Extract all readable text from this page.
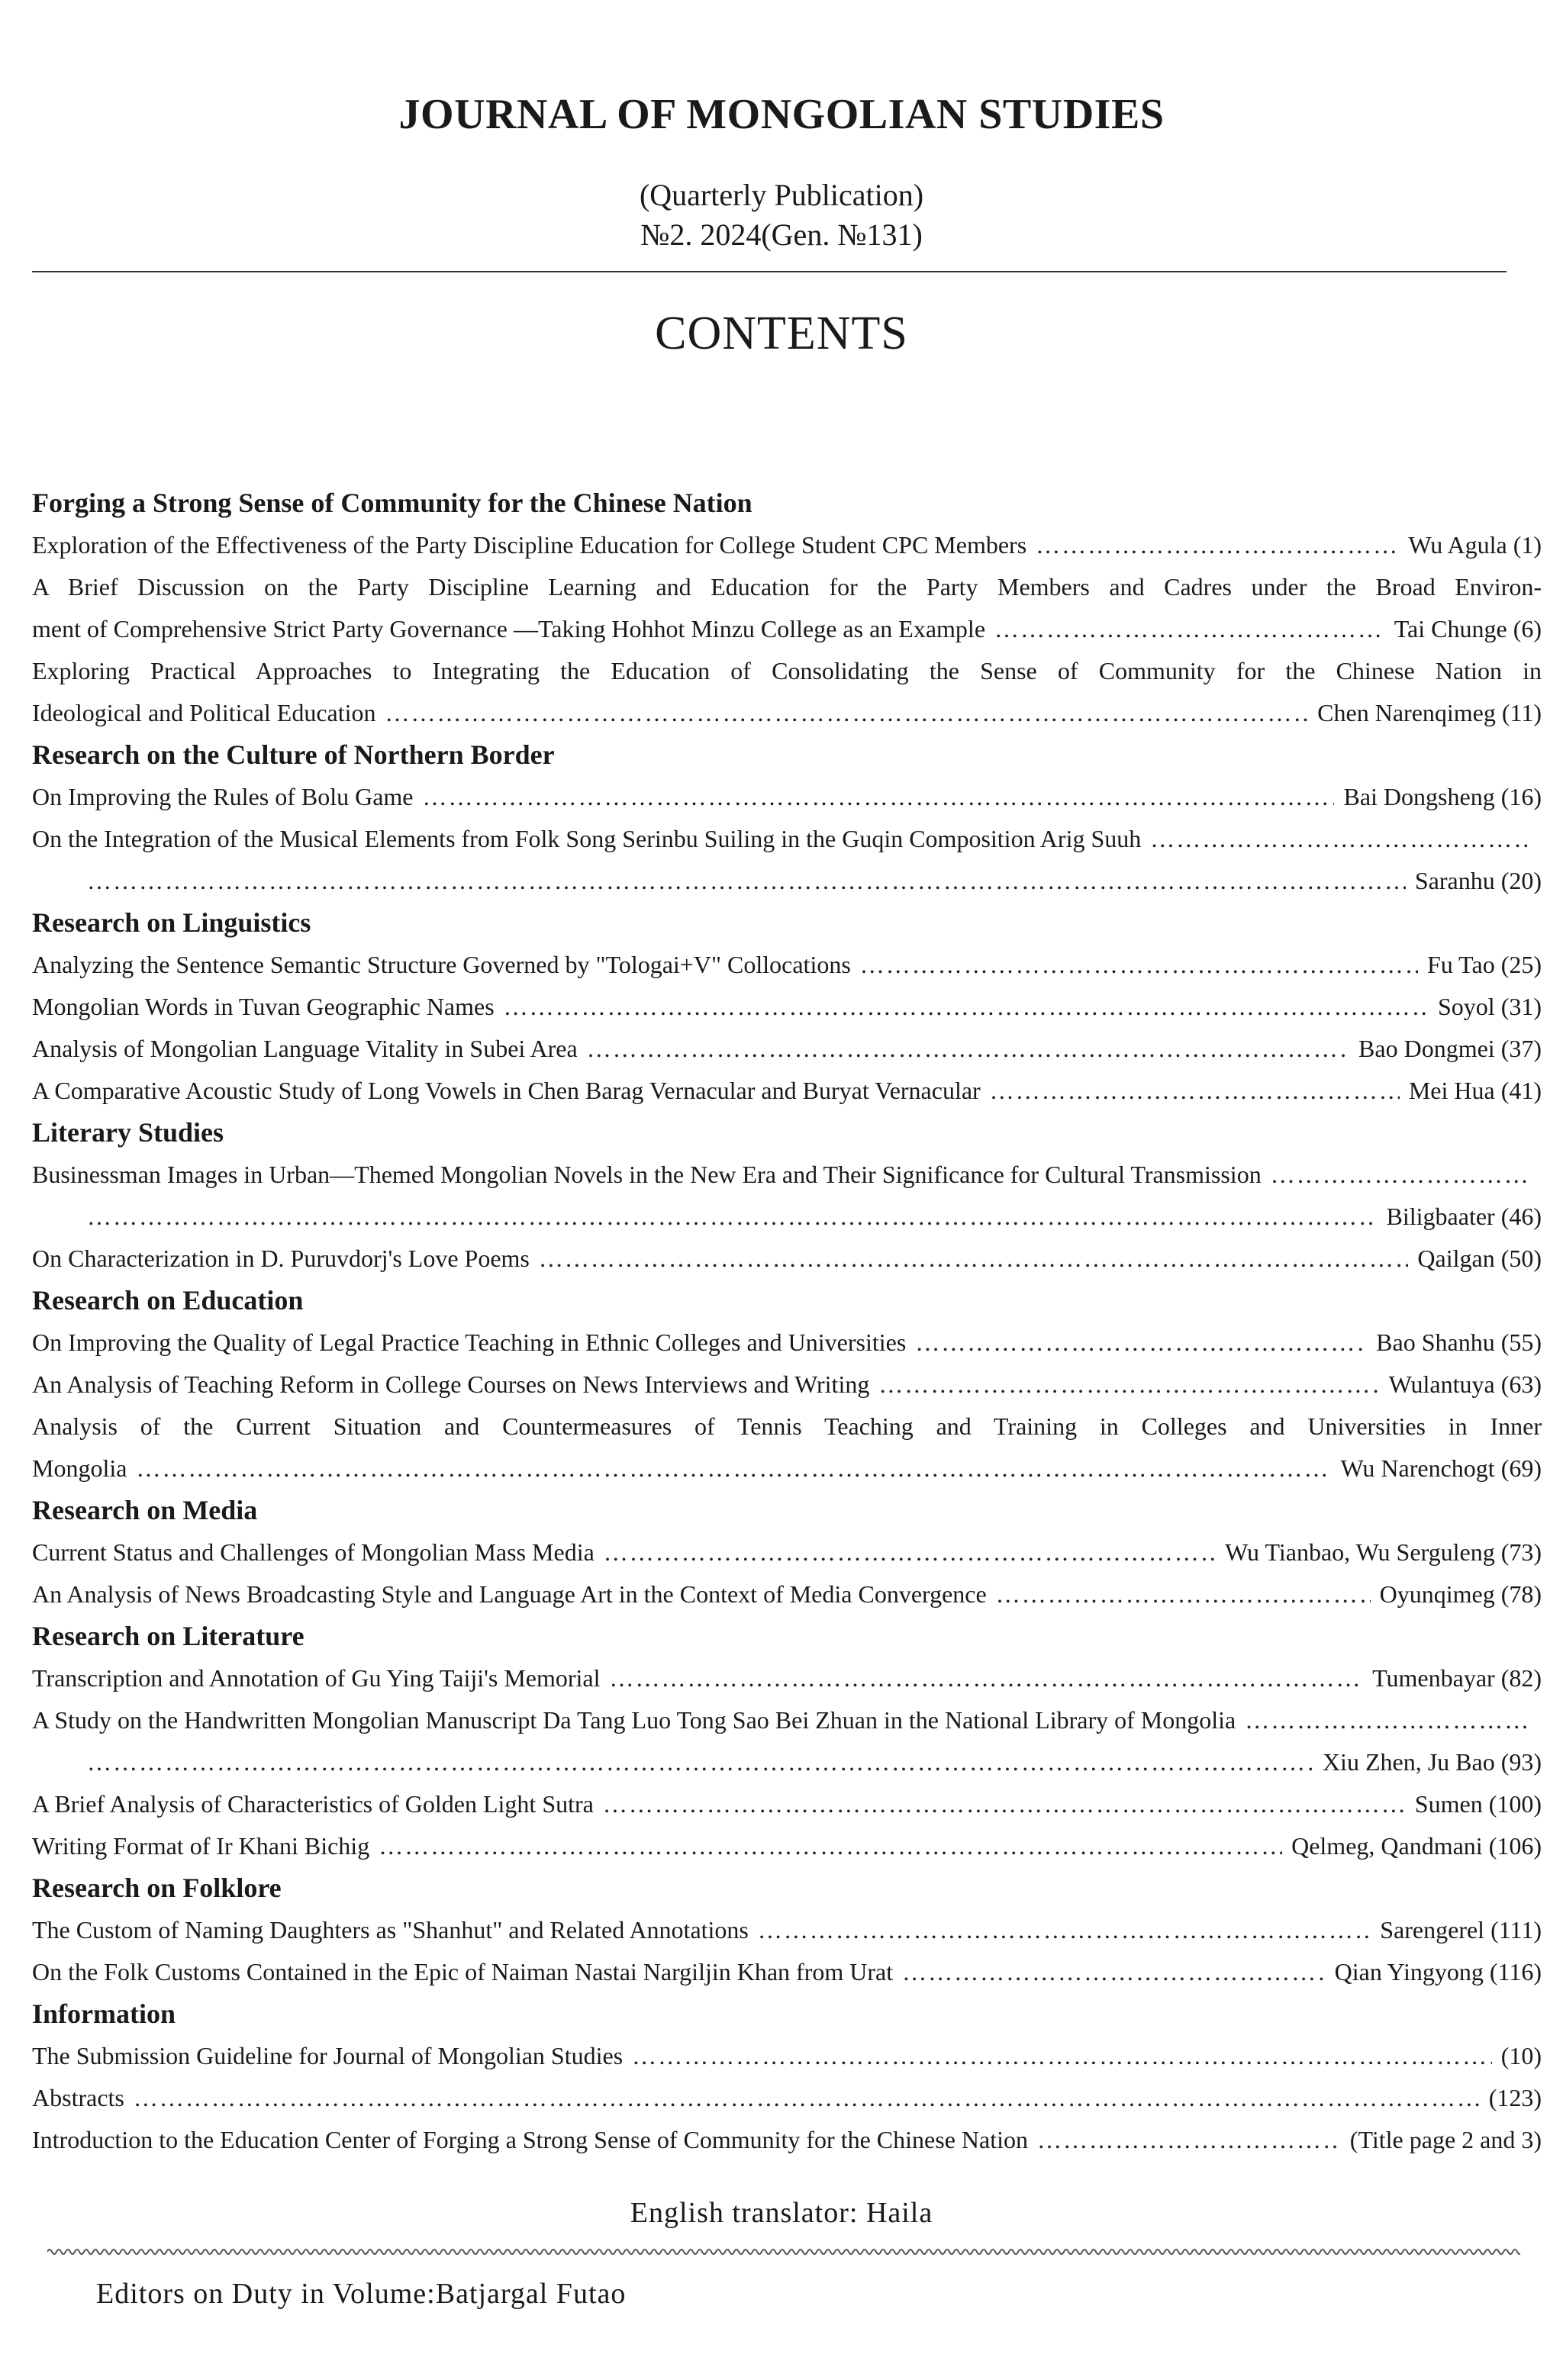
JOURNAL OF MONGOLIAN STUDIES
(Quarterly Publication)
№2. 2024(Gen. №131)
CONTENTS
Forging a Strong Sense of Community for the Chinese Nation
Exploration of the Effectiveness of the Party Discipline Education for College Student CPC Members ……………………………………………………………………………………………………………………………………………………………………………………………………………………………………………………………………………………	Wu Agula (1)
A Brief Discussion on the Party Discipline Learning and Education for the Party Members and Cadres under the Broad Environ-
ment of Comprehensive Strict Party Governance —Taking Hohhot Minzu College as an Example ……………………………………………………………………………………………………………………………………………………………………………………………………………………………………………………………………………………	Tai Chunge (6)
Exploring Practical Approaches to Integrating the Education of Consolidating the Sense of Community for the Chinese Nation in
Ideological and Political Education ……………………………………………………………………………………………………………………………………………………………………………………………………………………………………………………………………………………	Chen Narenqimeg (11)
Research on the Culture of Northern Border
On Improving the Rules of Bolu Game ……………………………………………………………………………………………………………………………………………………………………………………………………………………………………………………………………………………	Bai Dongsheng (16)
On the Integration of the Musical Elements from Folk Song Serinbu Suiling in the Guqin Composition Arig Suuh
……………………………………………………………………………………………………………………………………………………………………………………………………………………………………………………………………………………
……………………………………………………………………………………………………………………………………………………………………………………………………………………………………………………………………………………
Saranhu (20)
Research on Linguistics
Analyzing the Sentence Semantic Structure Governed by "Tologai+V" Collocations ……………………………………………………………………………………………………………………………………………………………………………………………………………………………………………………………………………………	Fu Tao (25)
Mongolian Words in Tuvan Geographic Names ……………………………………………………………………………………………………………………………………………………………………………………………………………………………………………………………………………………	Soyol (31)
Analysis of Mongolian Language Vitality in Subei Area ……………………………………………………………………………………………………………………………………………………………………………………………………………………………………………………………………………………	Bao Dongmei (37)
A Comparative Acoustic Study of Long Vowels in Chen Barag Vernacular and Buryat Vernacular ……………………………………………………………………………………………………………………………………………………………………………………………………………………………………………………………………………………	Mei Hua (41)
Literary Studies
Businessman Images in Urban—Themed Mongolian Novels in the New Era and Their Significance for Cultural Transmission
……………………………………………………………………………………………………………………………………………………………………………………………………………………………………………………………………………………
……………………………………………………………………………………………………………………………………………………………………………………………………………………………………………………………………………………
Biligbaater (46)
On Characterization in D. Puruvdorj's Love Poems ……………………………………………………………………………………………………………………………………………………………………………………………………………………………………………………………………………………	Qailgan (50)
Research on Education
On Improving the Quality of Legal Practice Teaching in Ethnic Colleges and Universities ……………………………………………………………………………………………………………………………………………………………………………………………………………………………………………………………………………………	Bao Shanhu (55)
An Analysis of Teaching Reform in College Courses on News Interviews and Writing ……………………………………………………………………………………………………………………………………………………………………………………………………………………………………………………………………………………	Wulantuya (63)
Analysis of the Current Situation and Countermeasures of Tennis Teaching and Training in Colleges and Universities in Inner
Mongolia ……………………………………………………………………………………………………………………………………………………………………………………………………………………………………………………………………………………	Wu Narenchogt (69)
Research on Media
Current Status and Challenges of Mongolian Mass Media ……………………………………………………………………………………………………………………………………………………………………………………………………………………………………………………………………………………	Wu Tianbao, Wu Serguleng (73)
An Analysis of News Broadcasting Style and Language Art in the Context of Media Convergence ……………………………………………………………………………………………………………………………………………………………………………………………………………………………………………………………………………………	Oyunqimeg (78)
Research on Literature
Transcription and Annotation of Gu Ying Taiji's Memorial ……………………………………………………………………………………………………………………………………………………………………………………………………………………………………………………………………………………	Tumenbayar (82)
A Study on the Handwritten Mongolian Manuscript Da Tang Luo Tong Sao Bei Zhuan in the National Library of Mongolia
……………………………………………………………………………………………………………………………………………………………………………………………………………………………………………………………………………………
……………………………………………………………………………………………………………………………………………………………………………………………………………………………………………………………………………………
Xiu Zhen, Ju Bao (93)
A Brief Analysis of Characteristics of Golden Light Sutra ……………………………………………………………………………………………………………………………………………………………………………………………………………………………………………………………………………………	Sumen (100)
Writing Format of Ir Khani Bichig ……………………………………………………………………………………………………………………………………………………………………………………………………………………………………………………………………………………	Qelmeg, Qandmani (106)
Research on Folklore
The Custom of Naming Daughters as "Shanhut" and Related Annotations ……………………………………………………………………………………………………………………………………………………………………………………………………………………………………………………………………………………	Sarengerel (111)
On the Folk Customs Contained in the Epic of Naiman Nastai Nargiljin Khan from Urat ……………………………………………………………………………………………………………………………………………………………………………………………………………………………………………………………………………………	Qian Yingyong (116)
Information
The Submission Guideline for Journal of Mongolian Studies ……………………………………………………………………………………………………………………………………………………………………………………………………………………………………………………………………………………	(10)
Abstracts ……………………………………………………………………………………………………………………………………………………………………………………………………………………………………………………………………………………	(123)
Introduction to the Education Center of Forging a Strong Sense of Community for the Chinese Nation ……………………………………………………………………………………………………………………………………………………………………………………………………………………………………………………………………………………	(Title page 2 and 3)
English translator: Haila
Editors on Duty in Volume:Batjargal Futao
